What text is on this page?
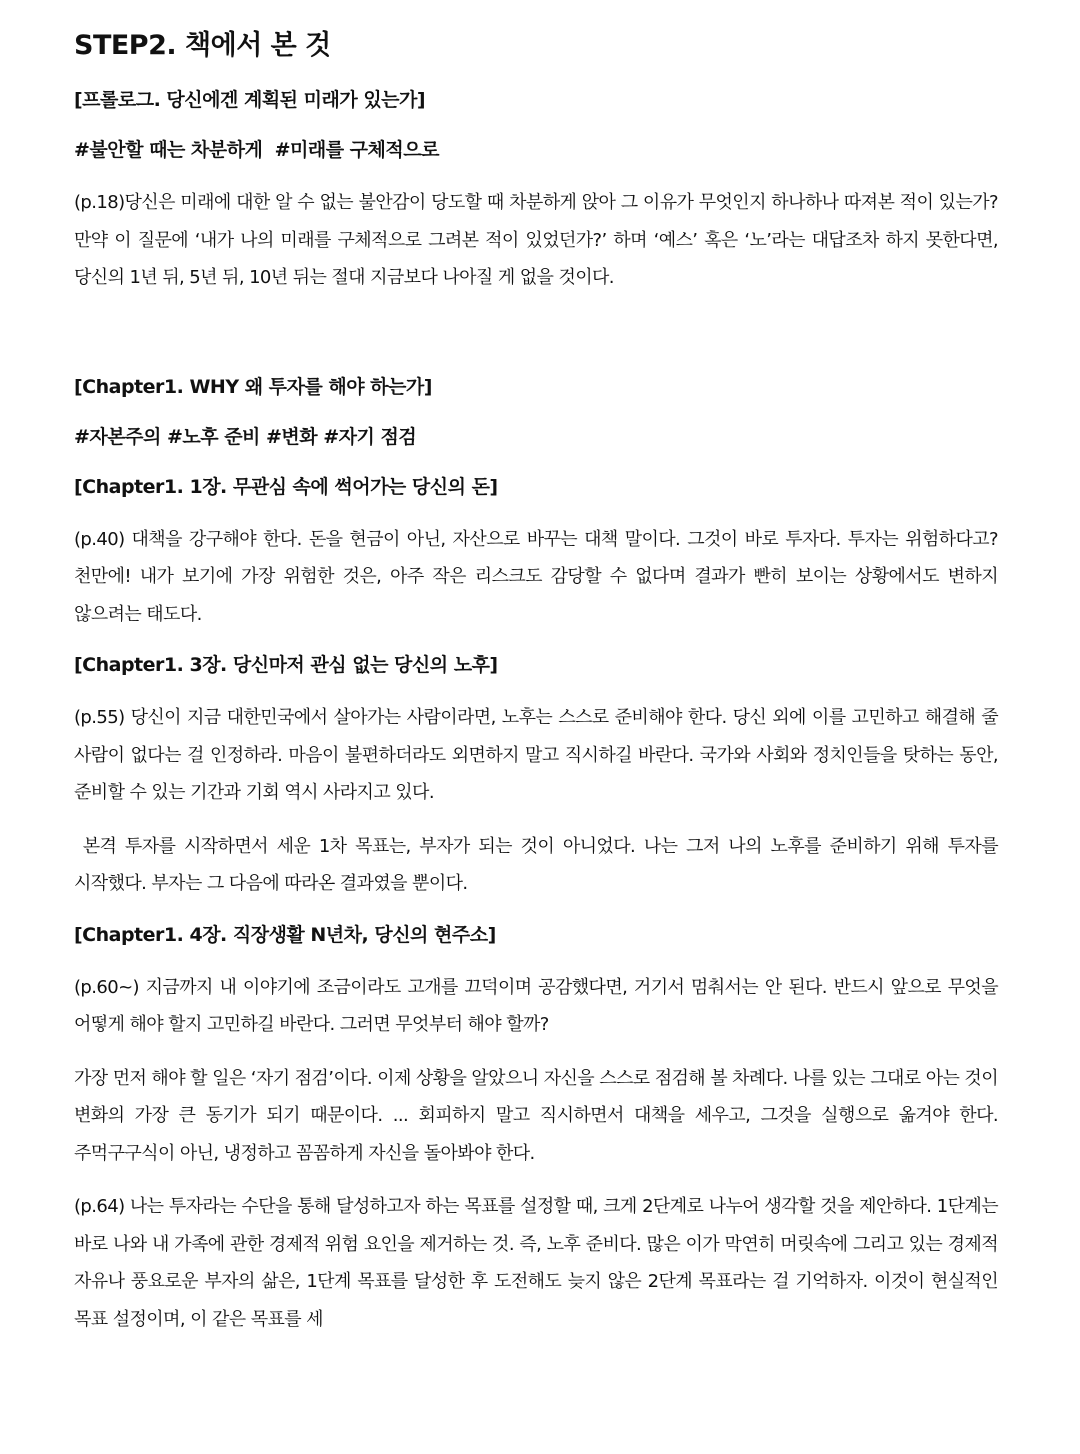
STEP2. 책에서 본 것
[프롤로그. 당신에겐 계획된 미래가 있는가]
#불안할 때는 차분하게  #미래를 구체적으로

(p.18)당신은 미래에 대한 알 수 없는 불안감이 당도할 때 차분하게 앉아 그 이유가 무엇인지 하나하나 따져본 적이 있는가? 만약 이 질문에 ‘내가 나의 미래를 구체적으로 그려본 적이 있었던가?’ 하며 ‘예스’ 혹은 ‘노’라는 대답조차 하지 못한다면, 당신의 1년 뒤, 5년 뒤, 10년 뒤는 절대 지금보다 나아질 게 없을 것이다.

[Chapter1. WHY 왜 투자를 해야 하는가]
#자본주의 #노후 준비 #변화 #자기 점검
[Chapter1. 1장. 무관심 속에 썩어가는 당신의 돈]

(p.40) 대책을 강구해야 한다. 돈을 현금이 아닌, 자산으로 바꾸는 대책 말이다. 그것이 바로 투자다. 투자는 위험하다고? 천만에! 내가 보기에 가장 위험한 것은, 아주 작은 리스크도 감당할 수 없다며 결과가 빤히 보이는 상황에서도 변하지 않으려는 태도다.

[Chapter1. 3장. 당신마저 관심 없는 당신의 노후]

(p.55) 당신이 지금 대한민국에서 살아가는 사람이라면, 노후는 스스로 준비해야 한다. 당신 외에 이를 고민하고 해결해 줄 사람이 없다는 걸 인정하라. 마음이 불편하더라도 외면하지 말고 직시하길 바란다. 국가와 사회와 정치인들을 탓하는 동안, 준비할 수 있는 기간과 기회 역시 사라지고 있다.

본격 투자를 시작하면서 세운 1차 목표는, 부자가 되는 것이 아니었다. 나는 그저 나의 노후를 준비하기 위해 투자를 시작했다. 부자는 그 다음에 따라온 결과였을 뿐이다.

[Chapter1. 4장. 직장생활 N년차, 당신의 현주소]

(p.60~) 지금까지 내 이야기에 조금이라도 고개를 끄덕이며 공감했다면, 거기서 멈춰서는 안 된다. 반드시 앞으로 무엇을 어떻게 해야 할지 고민하길 바란다. 그러면 무엇부터 해야 할까?

가장 먼저 해야 할 일은 ‘자기 점검’이다. 이제 상황을 알았으니 자신을 스스로 점검해 볼 차례다. 나를 있는 그대로 아는 것이 변화의 가장 큰 동기가 되기 때문이다. ... 회피하지 말고 직시하면서 대책을 세우고, 그것을 실행으로 옮겨야 한다. 주먹구구식이 아닌, 냉정하고 꼼꼼하게 자신을 돌아봐야 한다.

(p.64) 나는 투자라는 수단을 통해 달성하고자 하는 목표를 설정할 때, 크게 2단계로 나누어 생각할 것을 제안하다. 1단계는 바로 나와 내 가족에 관한 경제적 위험 요인을 제거하는 것. 즉, 노후 준비다. 많은 이가 막연히 머릿속에 그리고 있는 경제적 자유나 풍요로운 부자의 삶은, 1단계 목표를 달성한 후 도전해도 늦지 않은 2단계 목표라는 걸 기억하자. 이것이 현실적인 목표 설정이며, 이 같은 목표를 세
